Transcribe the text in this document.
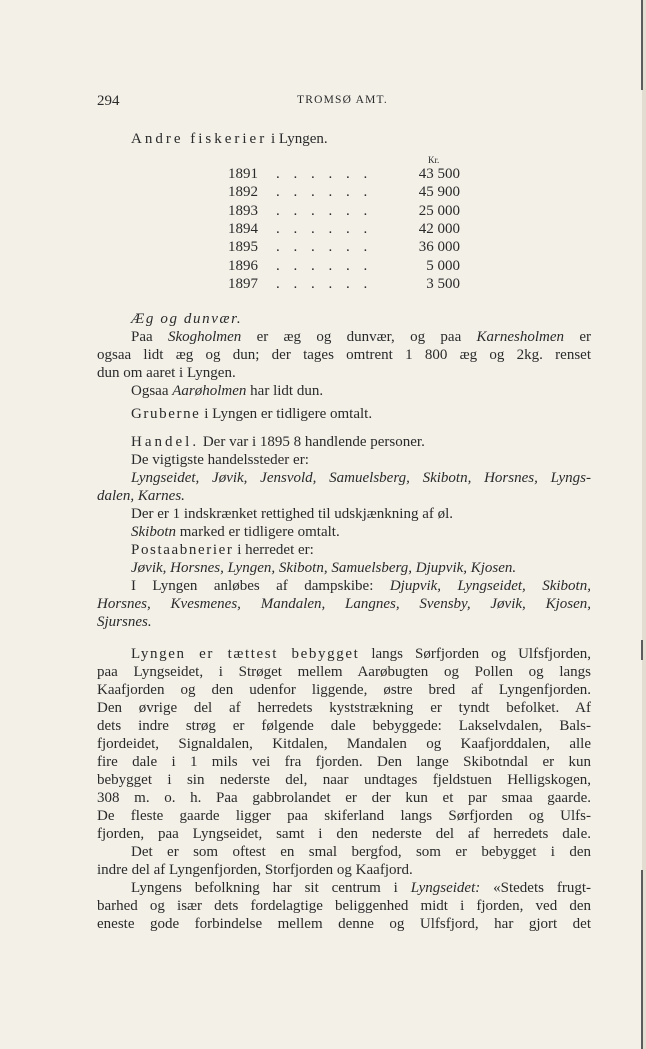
294	TROMSØ AMT.
Andre fiskerier i Lyngen.
Kr.
1891 . . . . . .	43 500
1892 . . . . . .	45 900
1893 . . . . . .	25 000
1894 . . . . . .	42 000
1895 . . . . . .	36 000
1896 . . . . . .	5 000
1897 . . . . . .	3 500
Æg og dunvær.
Paa Skogholmen er æg og dunvær, og paa Karnesholmen er
ogsaa lidt æg og dun; der tages omtrent 1 800 æg og 2kg. renset
dun om aaret i Lyngen.
Ogsaa Aarøholmen har lidt dun.
Gruberne i Lyngen er tidligere omtalt.
Handel. Der var i 1895 8 handlende personer.
De vigtigste handelssteder er:
Lyngseidet, Jøvik, Jensvold, Samuelsberg, Skibotn, Horsnes, Lyngs-
dalen, Karnes.
Der er 1 indskrænket rettighed til udskjænkning af øl.
Skibotn marked er tidligere omtalt.
Postaabnerier i herredet er:
Jøvik, Horsnes, Lyngen, Skibotn, Samuelsberg, Djupvik, Kjosen.
I Lyngen anløbes af dampskibe: Djupvik, Lyngseidet, Skibotn,
Horsnes, Kvesmenes, Mandalen, Langnes, Svensby, Jøvik, Kjosen,
Sjursnes.
Lyngen er tættest bebygget langs Sørfjorden og Ulfsfjorden,
paa Lyngseidet, i Strøget mellem Aarøbugten og Pollen og langs
Kaafjorden og den udenfor liggende, østre bred af Lyngenfjorden.
Den øvrige del af herredets kyststrækning er tyndt befolket. Af
dets indre strøg er følgende dale bebyggede: Lakselvdalen, Bals-
fjordeidet, Signaldalen, Kitdalen, Mandalen og Kaafjorddalen, alle
fire dale i 1 mils vei fra fjorden. Den lange Skibotndal er kun
bebygget i sin nederste del, naar undtages fjeldstuen Helligskogen,
308 m. o. h. Paa gabbrolandet er der kun et par smaa gaarde.
De fleste gaarde ligger paa skiferland langs Sørfjorden og Ulfs-
fjorden, paa Lyngseidet, samt i den nederste del af herredets dale.
Det er som oftest en smal bergfod, som er bebygget i den
indre del af Lyngenfjorden, Storfjorden og Kaafjord.
Lyngens befolkning har sit centrum i Lyngseidet: «Stedets frugt-
barhed og især dets fordelagtige beliggenhed midt i fjorden, ved den
eneste gode forbindelse mellem denne og Ulfsfjord, har gjort det
